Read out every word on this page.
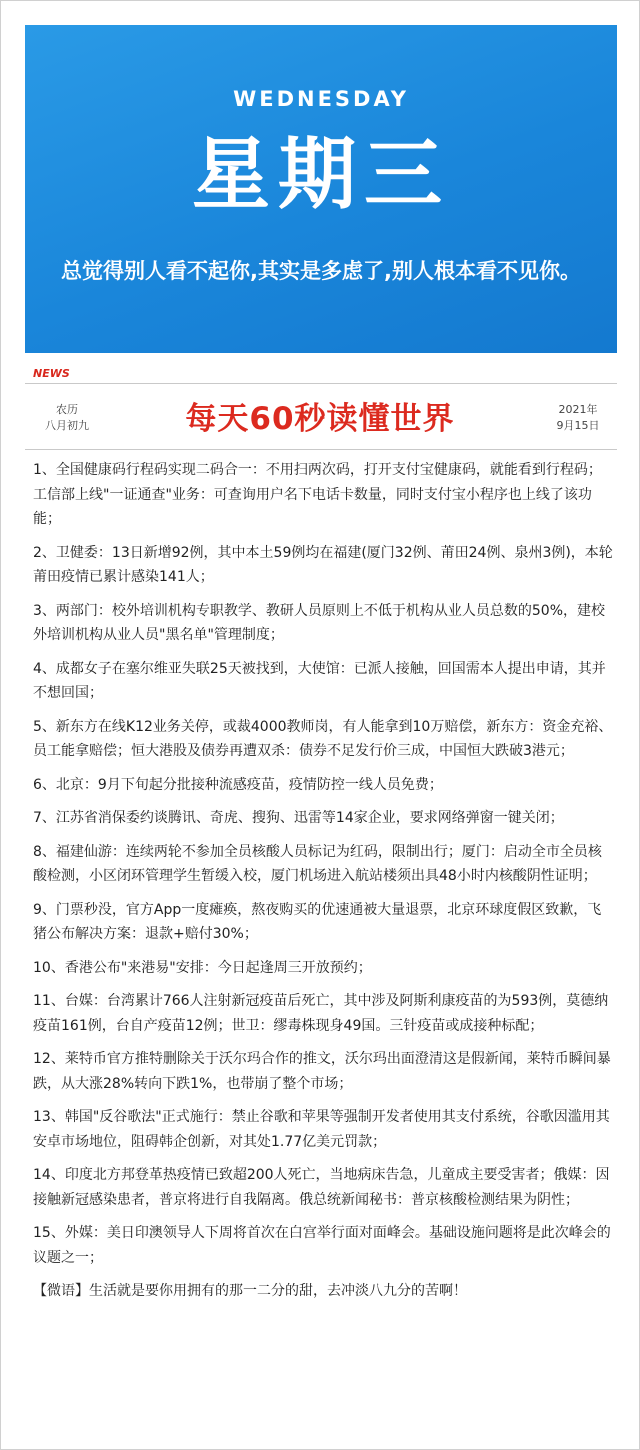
WEDNESDAY
星期三
总觉得别人看不起你,其实是多虑了,别人根本看不见你。
NEWS
农历
八月初九	每天60秒读懂世界	2021年
9月15日

1、全国健康码行程码实现二码合一：不用扫两次码，打开支付宝健康码，就能看到行程码；工信部上线"一证通查"业务：可查询用户名下电话卡数量，同时支付宝小程序也上线了该功能；

2、卫健委：13日新增92例，其中本土59例均在福建(厦门32例、莆田24例、泉州3例)，本轮莆田疫情已累计感染141人；

3、两部门：校外培训机构专职教学、教研人员原则上不低于机构从业人员总数的50%，建校外培训机构从业人员"黑名单"管理制度；

4、成都女子在塞尔维亚失联25天被找到，大使馆：已派人接触，回国需本人提出申请，其并不想回国；

5、新东方在线K12业务关停，或裁4000教师岗，有人能拿到10万赔偿，新东方：资金充裕、员工能拿赔偿；恒大港股及债券再遭双杀：债券不足发行价三成，中国恒大跌破3港元；

6、北京：9月下旬起分批接种流感疫苗，疫情防控一线人员免费；

7、江苏省消保委约谈腾讯、奇虎、搜狗、迅雷等14家企业，要求网络弹窗一键关闭；

8、福建仙游：连续两轮不参加全员核酸人员标记为红码，限制出行；厦门：启动全市全员核酸检测，小区闭环管理学生暂缓入校，厦门机场进入航站楼须出具48小时内核酸阴性证明；

9、门票秒没，官方App一度瘫痪，熬夜购买的优速通被大量退票，北京环球度假区致歉，飞猪公布解决方案：退款+赔付30%；

10、香港公布"来港易"安排：今日起逢周三开放预约；

11、台媒：台湾累计766人注射新冠疫苗后死亡，其中涉及阿斯利康疫苗的为593例，莫德纳疫苗161例，台自产疫苗12例；世卫：缪毒株现身49国。三针疫苗或成接种标配；

12、莱特币官方推特删除关于沃尔玛合作的推文，沃尔玛出面澄清这是假新闻，莱特币瞬间暴跌，从大涨28%转向下跌1%，也带崩了整个市场；

13、韩国"反谷歌法"正式施行：禁止谷歌和苹果等强制开发者使用其支付系统，谷歌因滥用其安卓市场地位，阻碍韩企创新，对其处1.77亿美元罚款；

14、印度北方邦登革热疫情已致超200人死亡，当地病床告急，儿童成主要受害者；俄媒：因接触新冠感染患者，普京将进行自我隔离。俄总统新闻秘书：普京核酸检测结果为阴性；

15、外媒：美日印澳领导人下周将首次在白宫举行面对面峰会。基础设施问题将是此次峰会的议题之一；

【微语】生活就是要你用拥有的那一二分的甜，去冲淡八九分的苦啊！
